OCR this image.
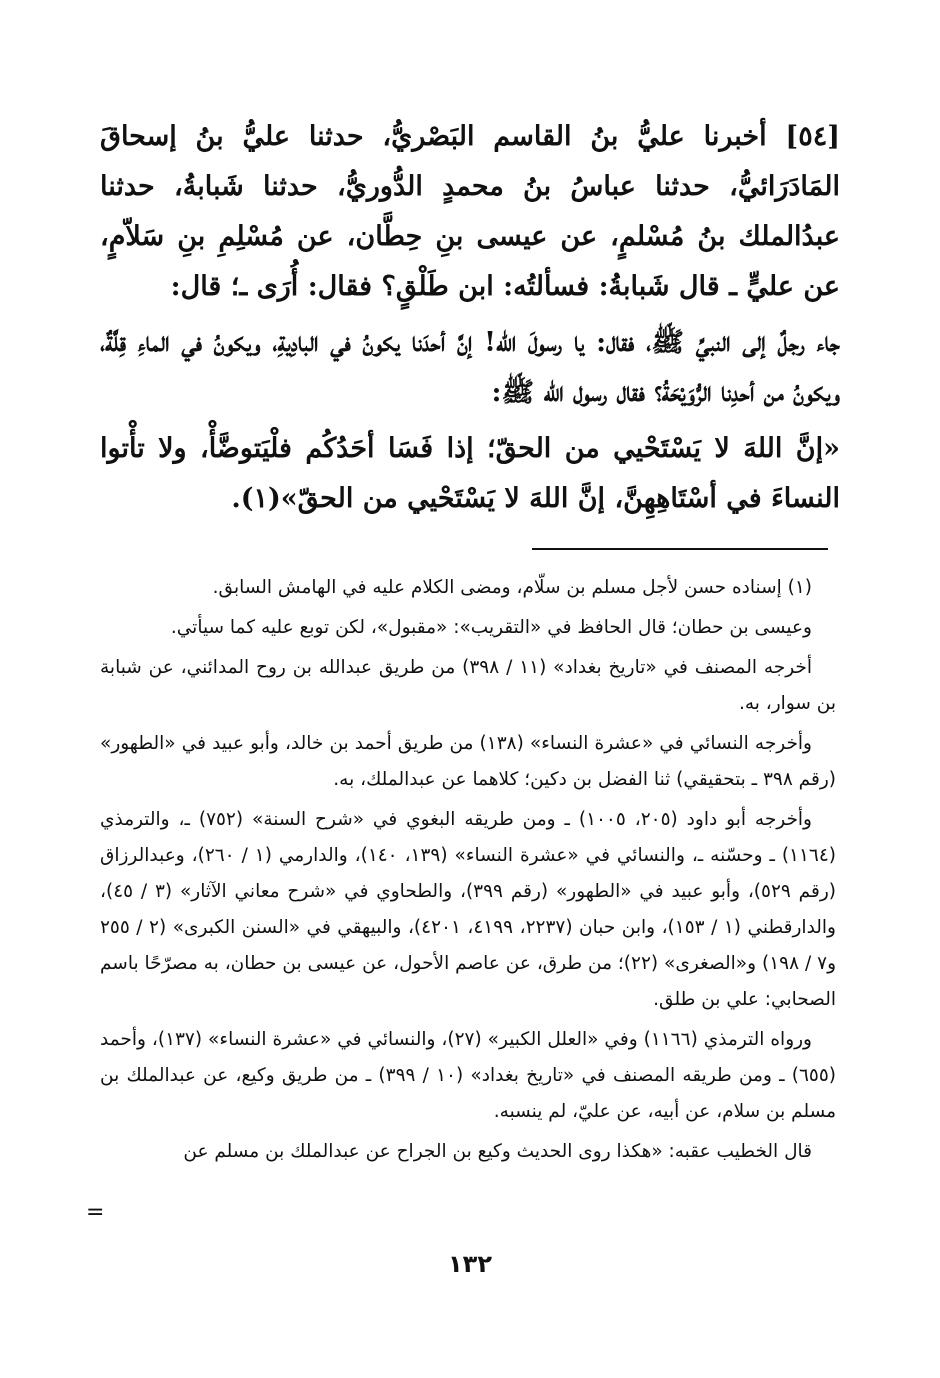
[٥٤] أخبرنا عليُّ بنُ القاسم البَصْريُّ، حدثنا عليُّ بنُ إسحاقَ المَادَرَائيُّ، حدثنا عباسُ بنُ محمدٍ الدُّوريُّ، حدثنا شَبابةُ، حدثنا عبدُالملك بنُ مُسْلمٍ، عن عيسى بنِ حِطَّان، عن مُسْلِمِ بنِ سَلاّمٍ، عن عليٍّ ـ قال شَبابةُ: فسألتُه: ابن طَلْقٍ؟ فقال: أُرَى ـ؛ قال:

جاء رجلٌ إلى النبيِّ ﷺ، فقال: يا رسولَ الله! إنَّ أحدَنا يكونُ في البادِيةِ، ويكونُ في الماءِ قِلَّةٌ، ويكونُ من أحدِنا الرُّوَيْحَةُ؟ فقال رسول الله ﷺ:

«إنَّ اللهَ لا يَسْتَحْيي من الحقّ؛ إذا فَسَا أحَدُكُم فلْيَتوضَّأْ، ولا تأْتوا النساءَ في أسْتَاهِهِنَّ، إنَّ اللهَ لا يَسْتَحْيي من الحقّ»(١).

(١) إسناده حسن لأجل مسلم بن سلّام، ومضى الكلام عليه في الهامش السابق.

وعيسى بن حطان؛ قال الحافظ في «التقريب»: «مقبول»، لكن توبع عليه كما سيأتي.

أخرجه المصنف في «تاريخ بغداد» (١١ / ٣٩٨) من طريق عبدالله بن روح المدائني، عن شبابة بن سوار، به.

وأخرجه النسائي في «عشرة النساء» (١٣٨) من طريق أحمد بن خالد، وأبو عبيد في «الطهور» (رقم ٣٩٨ ـ بتحقيقي) ثنا الفضل بن دكين؛ كلاهما عن عبدالملك، به.

وأخرجه أبو داود (٢٠٥، ١٠٠٥) ـ ومن طريقه البغوي في «شرح السنة» (٧٥٢) ـ، والترمذي (١١٦٤) ـ وحسّنه ـ، والنسائي في «عشرة النساء» (١٣٩، ١٤٠)، والدارمي (١ / ٢٦٠)، وعبدالرزاق (رقم ٥٢٩)، وأبو عبيد في «الطهور» (رقم ٣٩٩)، والطحاوي في «شرح معاني الآثار» (٣ / ٤٥)، والدارقطني (١ / ١٥٣)، وابن حبان (٢٢٣٧، ٤١٩٩، ٤٢٠١)، والبيهقي في «السنن الكبرى» (٢ / ٢٥٥ و٧ / ١٩٨) و«الصغرى» (٢٢)؛ من طرق، عن عاصم الأحول، عن عيسى بن حطان، به مصرّحًا باسم الصحابي: علي بن طلق.

ورواه الترمذي (١١٦٦) وفي «العلل الكبير» (٢٧)، والنسائي في «عشرة النساء» (١٣٧)، وأحمد (٦٥٥) ـ ومن طريقه المصنف في «تاريخ بغداد» (١٠ / ٣٩٩) ـ من طريق وكيع، عن عبدالملك بن مسلم بن سلام، عن أبيه، عن عليّ، لم ينسبه.

قال الخطيب عقبه: «هكذا روى الحديث وكيع بن الجراح عن عبدالملك بن مسلم عن

=
١٣٢
